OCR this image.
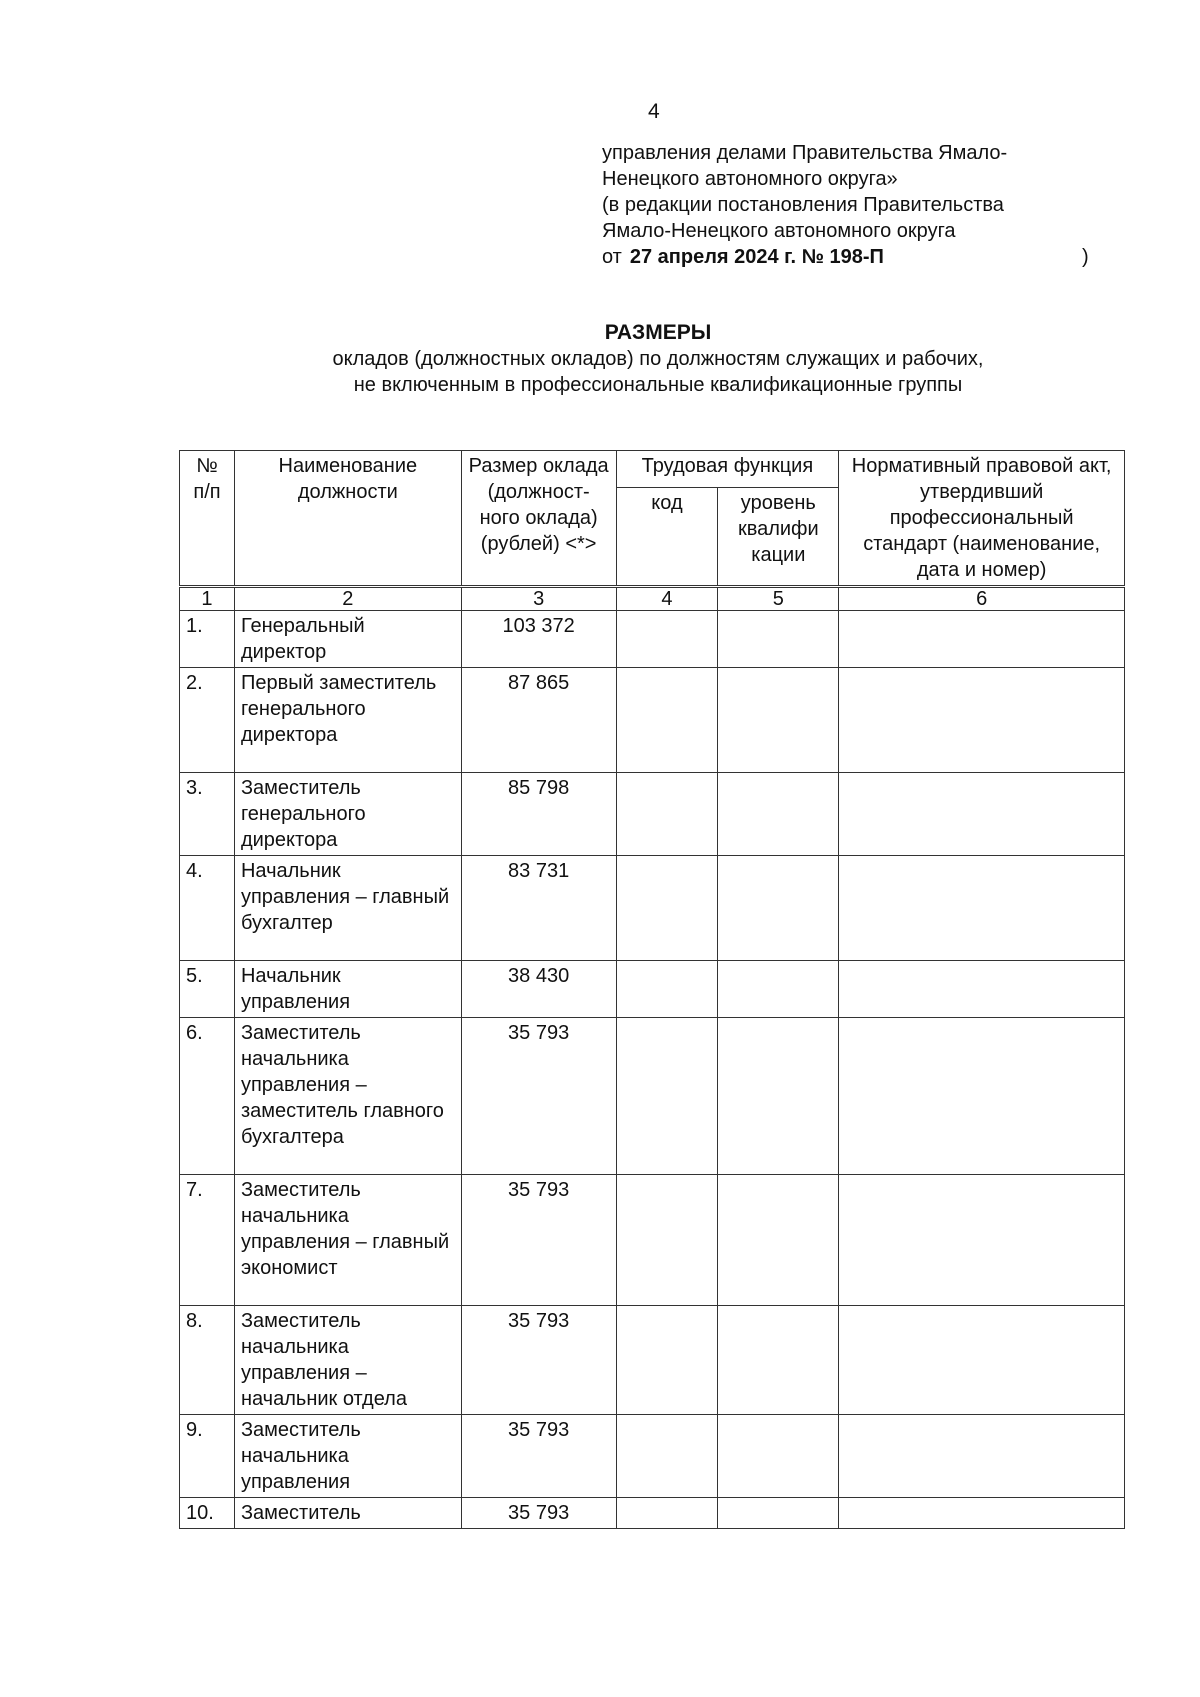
4
управления делами Правительства Ямало-
Ненецкого автономного округа»
(в редакции постановления Правительства
Ямало-Ненецкого автономного округа
от 27 апреля 2024 г. № 198-П	)
РАЗМЕРЫ
окладов (должностных окладов) по должностям служащих и рабочих,
не включенным в профессиональные квалификационные группы
№ п/п	Наименование должности	Размер оклада (должност-ного оклада) (рублей) <*>	Трудовая функция		Нормативный правовой акт, утвердивший профессиональный стандарт (наименование, дата и номер)
			код	уровень квалифи кации	
1	2	3	4	5	6
1.	Генеральный директор	103 372			
2.	Первый заместитель генерального директора	87 865			
3.	Заместитель генерального директора	85 798			
4.	Начальник управления – главный бухгалтер	83 731			
5.	Начальник управления	38 430			
6.	Заместитель начальника управления – заместитель главного бухгалтера	35 793			
7.	Заместитель начальника управления – главный экономист	35 793			
8.	Заместитель начальника управления – начальник отдела	35 793			
9.	Заместитель начальника управления	35 793			
10.	Заместитель	35 793			
